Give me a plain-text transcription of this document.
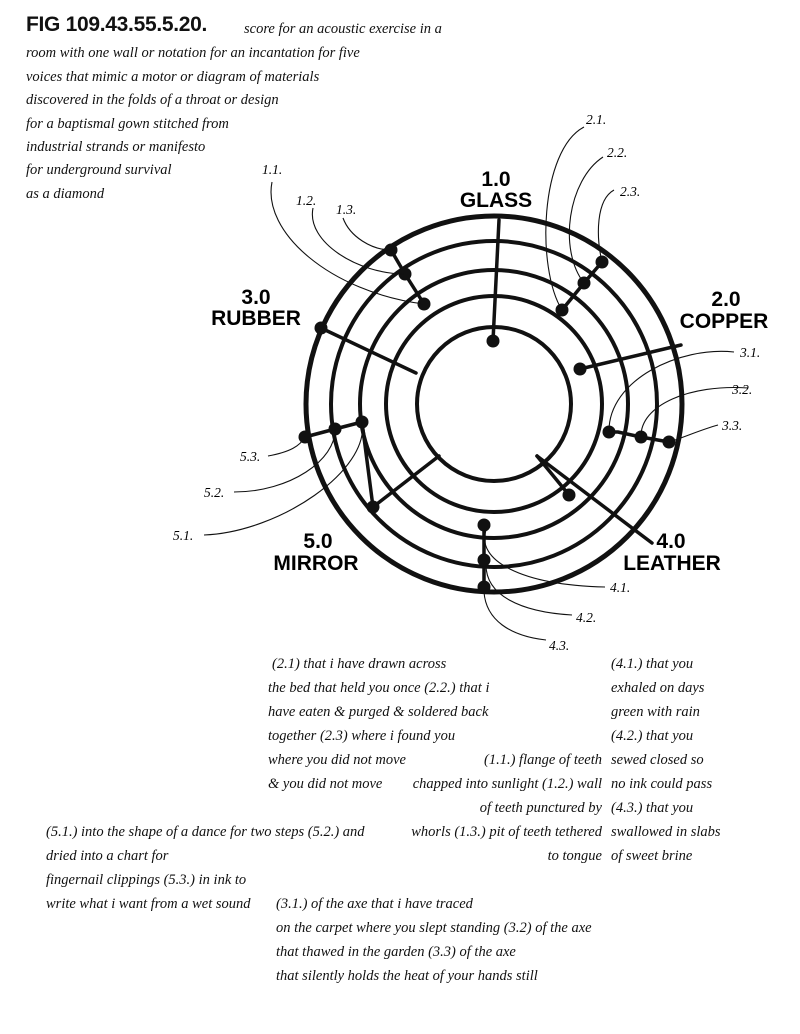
FIG 109.43.55.5.20.	score for an acoustic exercise in a
room with one wall or notation for an incantation for five
voices that mimic a motor or diagram of materials
discovered in the folds of a throat or design
for a baptismal gown stitched from
industrial strands or manifesto
for underground survival
as a diamond
1.0
GLASS
2.0
COPPER
3.0
RUBBER
4.0
LEATHER
5.0
MIRROR
1.1.
1.2.
1.3.
2.1.
2.2.
2.3.
3.1.
3.2.
3.3.
4.1.
4.2.
4.3.
5.1.
5.2.
5.3.
(2.1) that i have drawn across
the bed that held you once (2.2.) that i
have eaten & purged & soldered back
together (2.3) where i found you
where you did not move
& you did not move
(1.1.) flange of teeth
chapped into sunlight (1.2.) wall
of teeth punctured by
whorls (1.3.) pit of teeth tethered
to tongue
(4.1.) that you
exhaled on days
green with rain
(4.2.) that you
sewed closed so
no ink could pass
(4.3.) that you
swallowed in slabs
of sweet brine
(5.1.) into the shape of a dance for two steps (5.2.) and
dried into a chart for
fingernail clippings (5.3.) in ink to
write what i want from a wet sound (3.1.) of the axe that i have traced
on the carpet where you slept standing (3.2) of the axe
that thawed in the garden (3.3) of the axe
that silently holds the heat of your hands still
